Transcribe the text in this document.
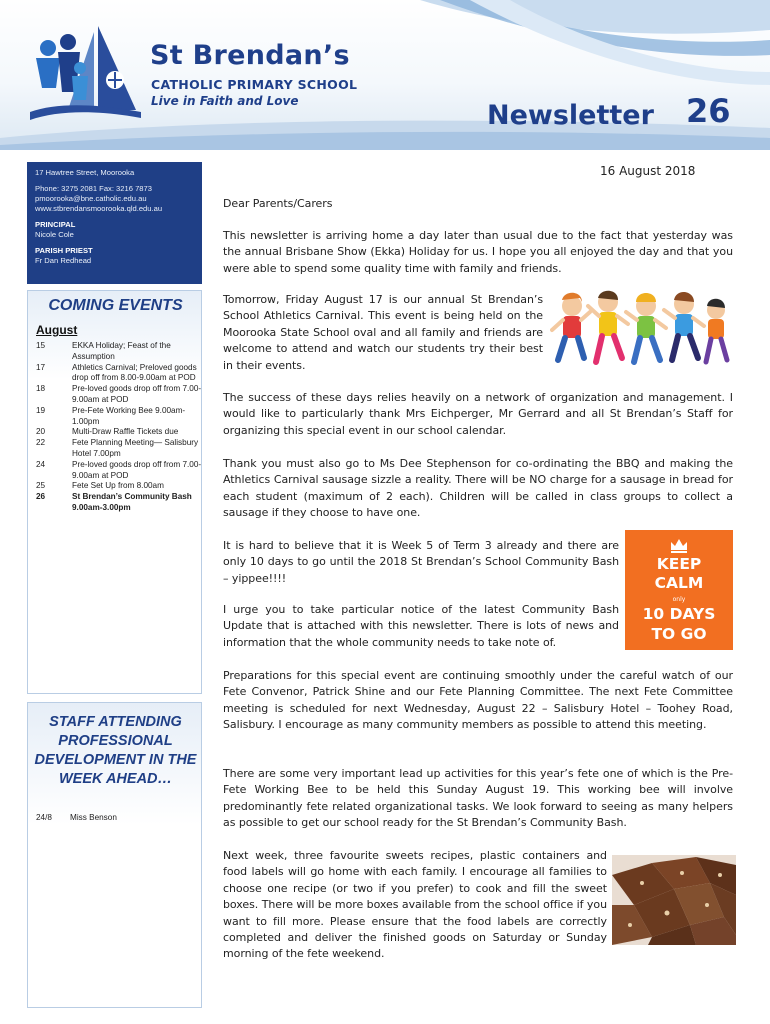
St Brendan’s
CATHOLIC PRIMARY SCHOOL
Live in Faith and Love	Newsletter 26
17 Hawtree Street, Moorooka
Phone: 3275 2081 Fax: 3216 7873
pmoorooka@bne.catholic.edu.au
www.stbrendansmoorooka.qld.edu.au
PRINCIPAL
Nicole Cole
PARISH PRIEST
Fr Dan Redhead
COMING EVENTS
August
15	EKKA Holiday; Feast of the Assumption
17	Athletics Carnival; Preloved goods drop off from 8.00-9.00am at POD
18	Pre-loved goods drop off from 7.00-9.00am at POD
19	Pre-Fete Working Bee 9.00am-1.00pm
20	Multi-Draw Raffle Tickets due
22	Fete Planning Meeting— Salisbury Hotel 7.00pm
24	Pre-loved goods drop off from 7.00-9.00am at POD
25	Fete Set Up from 8.00am
26	St Brendan’s Community Bash 9.00am-3.00pm
STAFF ATTENDING PROFESSIONAL DEVELOPMENT IN THE WEEK AHEAD…
24/8	Miss Benson
16 August 2018
Dear Parents/Carers
This newsletter is arriving home a day later than usual due to the fact that yesterday was the annual Brisbane Show (Ekka) Holiday for us. I hope you all enjoyed the day and that you were able to spend some quality time with family and friends.
Tomorrow, Friday August 17 is our annual St Brendan’s School Athletics Carnival. This event is being held on the Moorooka State School oval and all family and friends are welcome to attend and watch our students try their best in their events.
The success of these days relies heavily on a network of organization and management. I would like to particularly thank Mrs Eichperger, Mr Gerrard and all St Brendan’s Staff for organizing this special event in our school calendar.
Thank you must also go to Ms Dee Stephenson for co-ordinating the BBQ and making the Athletics Carnival sausage sizzle a reality. There will be NO charge for a sausage in bread for each student (maximum of 2 each). Children will be called in class groups to collect a sausage if they choose to have one.
It is hard to believe that it is Week 5 of Term 3 already and there are only 10 days to go until the 2018 St Brendan’s School Community Bash – yippee!!!!
I urge you to take particular notice of the latest Community Bash Update that is attached with this newsletter. There is lots of news and information that the whole community needs to take note of.
Preparations for this special event are continuing smoothly under the careful watch of our Fete Convenor, Patrick Shine and our Fete Planning Committee. The next Fete Committee meeting is scheduled for next Wednesday, August 22 – Salisbury Hotel – Toohey Road, Salisbury. I encourage as many community members as possible to attend this meeting.
There are some very important lead up activities for this year’s fete one of which is the Pre-Fete Working Bee to be held this Sunday August 19. This working bee will involve predominantly fete related organizational tasks. We look forward to seeing as many helpers as possible to get our school ready for the St Brendan’s Community Bash.
Next week, three favourite sweets recipes, plastic containers and food labels will go home with each family. I encourage all families to choose one recipe (or two if you prefer) to cook and fill the sweet boxes. There will be more boxes available from the school office if you want to fill more. Please ensure that the food labels are correctly completed and deliver the finished goods on Saturday or Sunday morning of the fete weekend.
KEEP
CALM
only
10 DAYS
TO GO
